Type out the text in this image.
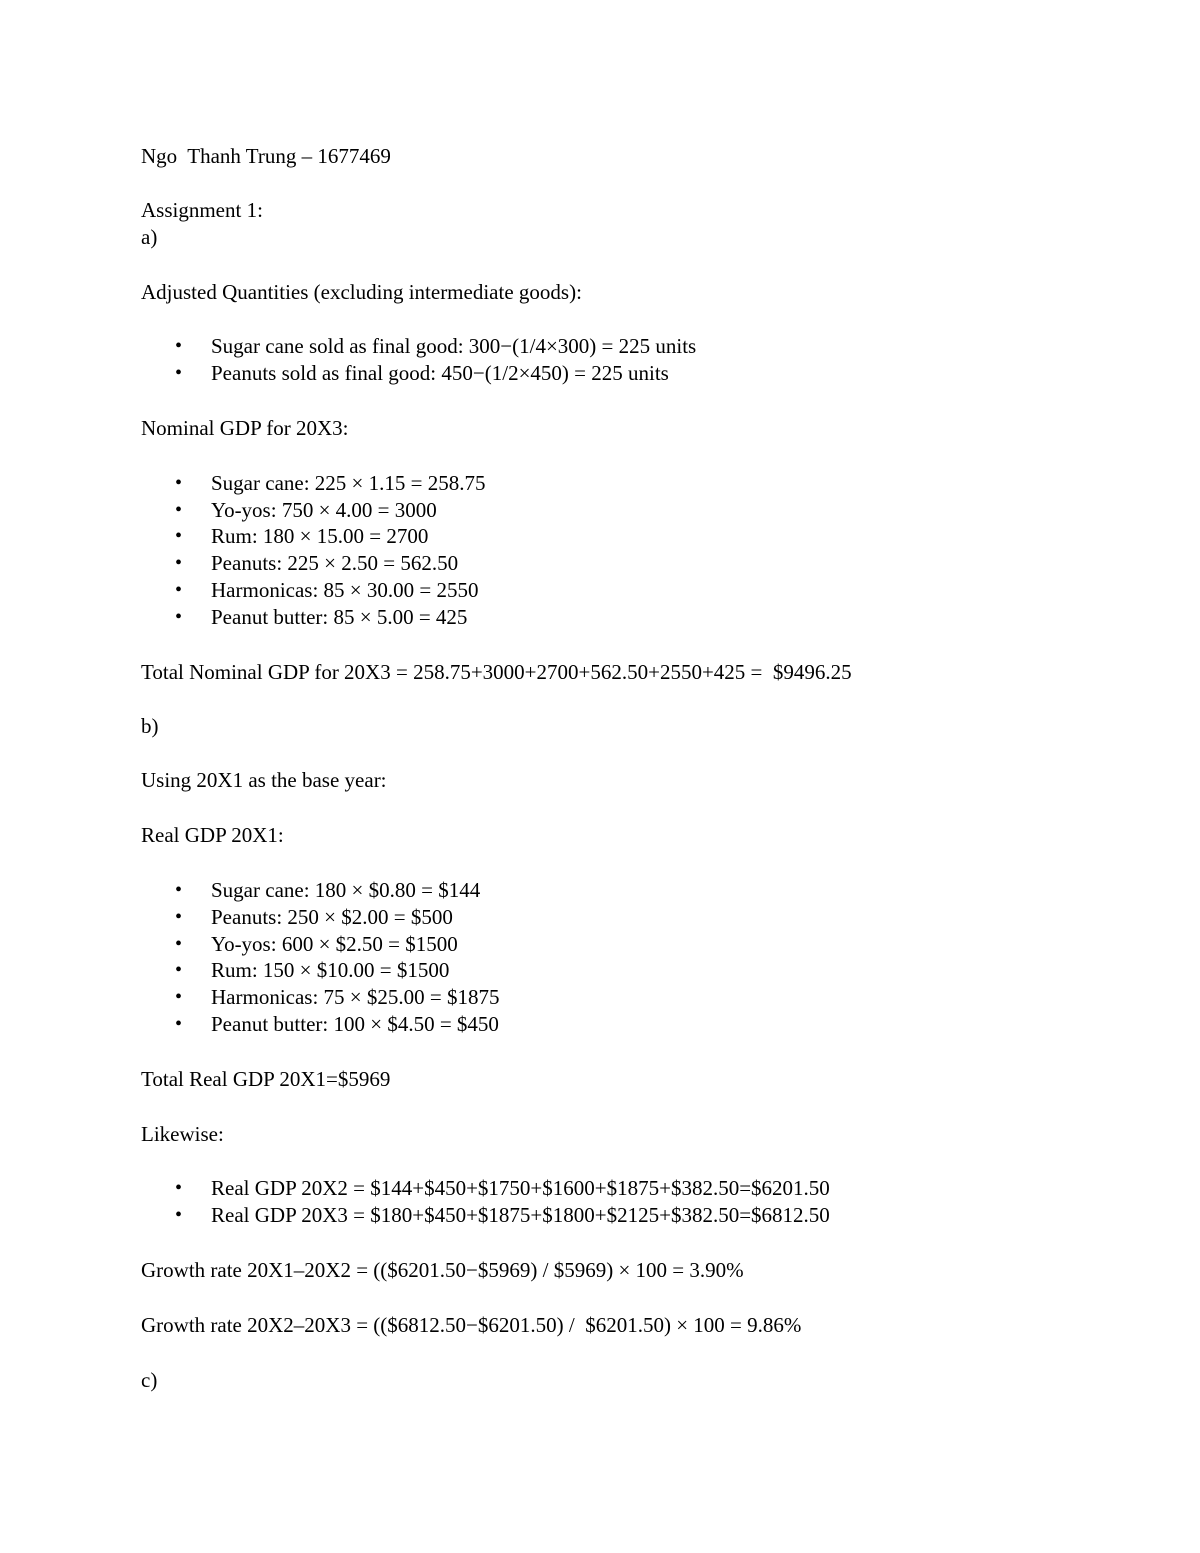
Ngo  Thanh Trung – 1677469

Assignment 1:

a)

Adjusted Quantities (excluding intermediate goods):

•

Sugar cane sold as final good: 300−(1/4×300) = 225 units

•

Peanuts sold as final good: 450−(1/2×450) = 225 units

Nominal GDP for 20X3:

•

Sugar cane: 225 × 1.15 = 258.75

•

Yo-yos: 750 × 4.00 = 3000

•

Rum: 180 × 15.00 = 2700

•

Peanuts: 225 × 2.50 = 562.50

•

Harmonicas: 85 × 30.00 = 2550

•

Peanut butter: 85 × 5.00 = 425

Total Nominal GDP for 20X3 = 258.75+3000+2700+562.50+2550+425 =  $9496.25

b)

Using 20X1 as the base year:

Real GDP 20X1:

•

Sugar cane: 180 × $0.80 = $144

•

Peanuts: 250 × $2.00 = $500

•

Yo-yos: 600 × $2.50 = $1500

•

Rum: 150 × $10.00 = $1500

•

Harmonicas: 75 × $25.00 = $1875

•

Peanut butter: 100 × $4.50 = $450

Total Real GDP 20X1=$5969

Likewise:

•

Real GDP 20X2 = $144+$450+$1750+$1600+$1875+$382.50=$6201.50

•

Real GDP 20X3 = $180+$450+$1875+$1800+$2125+$382.50=$6812.50

Growth rate 20X1–20X2 = (($6201.50−$5969) / $5969) × 100 = 3.90%

Growth rate 20X2–20X3 = (($6812.50−$6201.50) /  $6201.50) × 100 = 9.86%

c)
